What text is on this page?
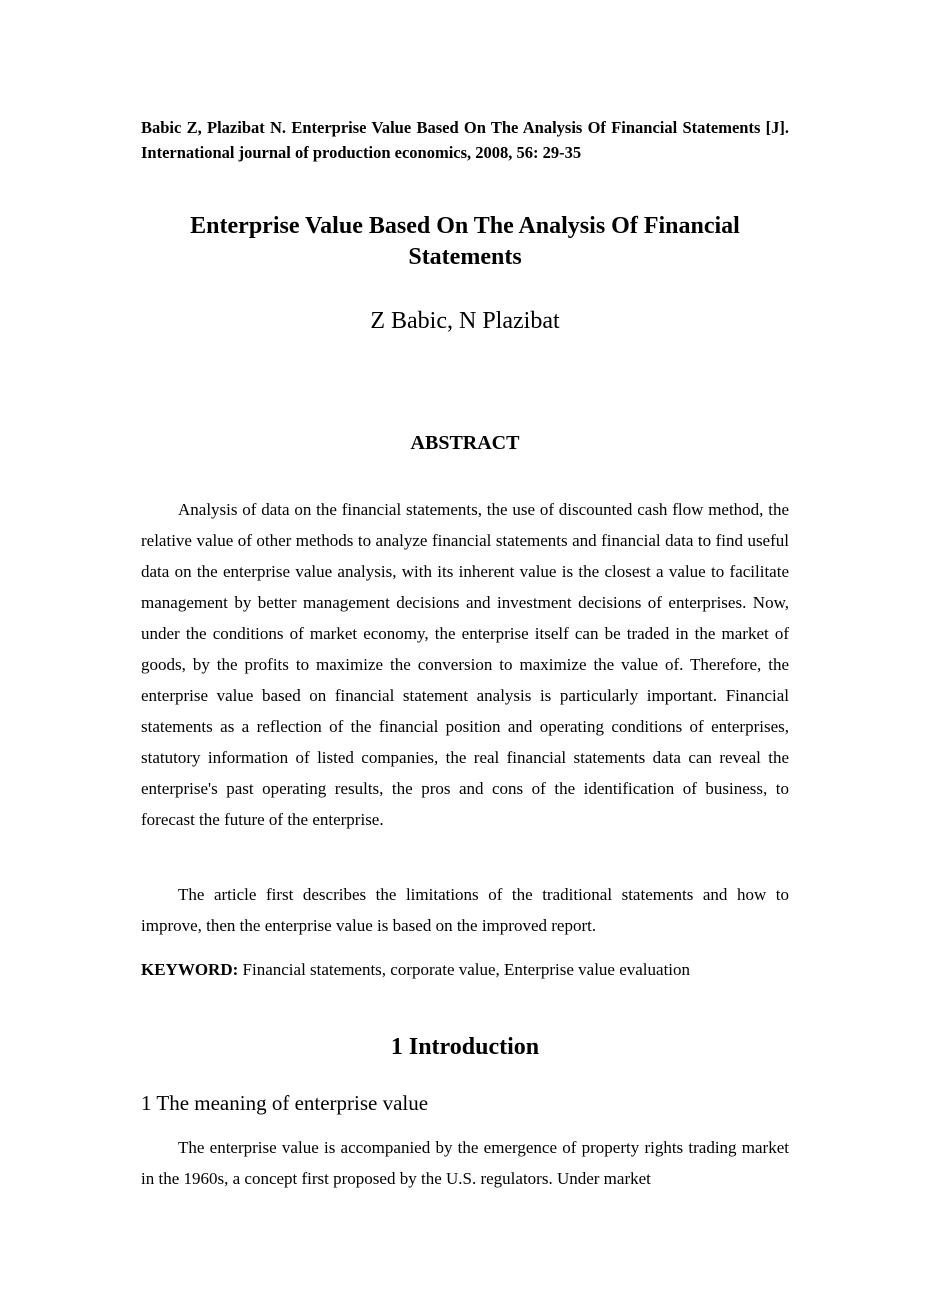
Babic Z, Plazibat N. Enterprise Value Based On The Analysis Of Financial Statements [J]. International journal of production economics, 2008, 56: 29-35
Enterprise Value Based On The Analysis Of Financial
Statements
Z Babic, N Plazibat
ABSTRACT

Analysis of data on the financial statements, the use of discounted cash flow method, the relative value of other methods to analyze financial statements and financial data to find useful data on the enterprise value analysis, with its inherent value is the closest a value to facilitate management by better management decisions and investment decisions of enterprises. Now, under the conditions of market economy, the enterprise itself can be traded in the market of goods, by the profits to maximize the conversion to maximize the value of. Therefore, the enterprise value based on financial statement analysis is particularly important. Financial statements as a reflection of the financial position and operating conditions of enterprises, statutory information of listed companies, the real financial statements data can reveal the enterprise's past operating results, the pros and cons of the identification of business, to forecast the future of the enterprise.

The article first describes the limitations of the traditional statements and how to improve, then the enterprise value is based on the improved report.

KEYWORD: Financial statements, corporate value, Enterprise value evaluation

1 Introduction
1 The meaning of enterprise value

The enterprise value is accompanied by the emergence of property rights trading market in the 1960s, a concept first proposed by the U.S. regulators. Under market
